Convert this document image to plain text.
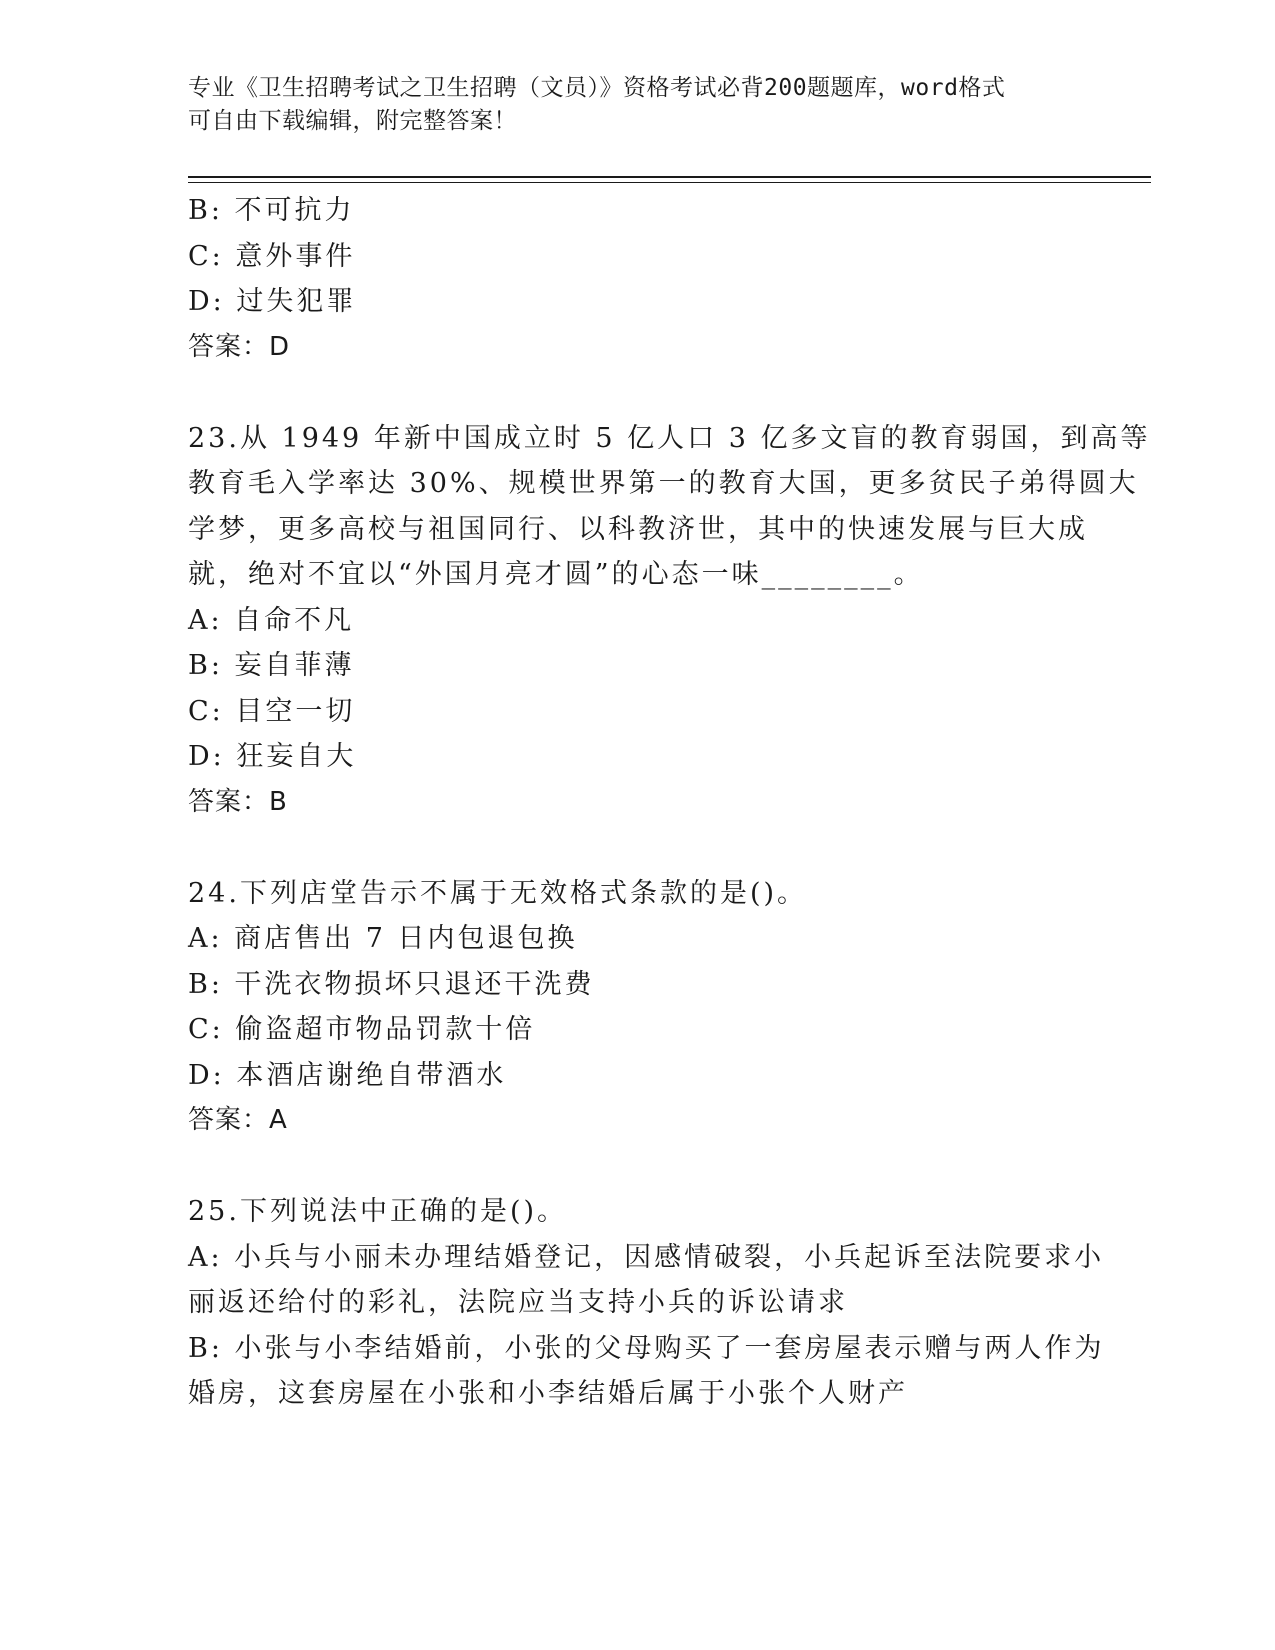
专业《卫生招聘考试之卫生招聘（文员）》资格考试必背200题题库，word格式
可自由下载编辑，附完整答案！
B: 不可抗力
C: 意外事件
D: 过失犯罪
答案：D
23.从 1949 年新中国成立时 5 亿人口 3 亿多文盲的教育弱国，到高等
教育毛入学率达 30%、规模世界第一的教育大国，更多贫民子弟得圆大
学梦，更多高校与祖国同行、以科教济世，其中的快速发展与巨大成
就，绝对不宜以“外国月亮才圆”的心态一味________。
A: 自命不凡
B: 妄自菲薄
C: 目空一切
D: 狂妄自大
答案：B
24.下列店堂告示不属于无效格式条款的是()。
A: 商店售出 7 日内包退包换
B: 干洗衣物损坏只退还干洗费
C: 偷盗超市物品罚款十倍
D: 本酒店谢绝自带酒水
答案：A
25.下列说法中正确的是()。
A: 小兵与小丽未办理结婚登记，因感情破裂，小兵起诉至法院要求小
丽返还给付的彩礼，法院应当支持小兵的诉讼请求
B: 小张与小李结婚前，小张的父母购买了一套房屋表示赠与两人作为
婚房，这套房屋在小张和小李结婚后属于小张个人财产
